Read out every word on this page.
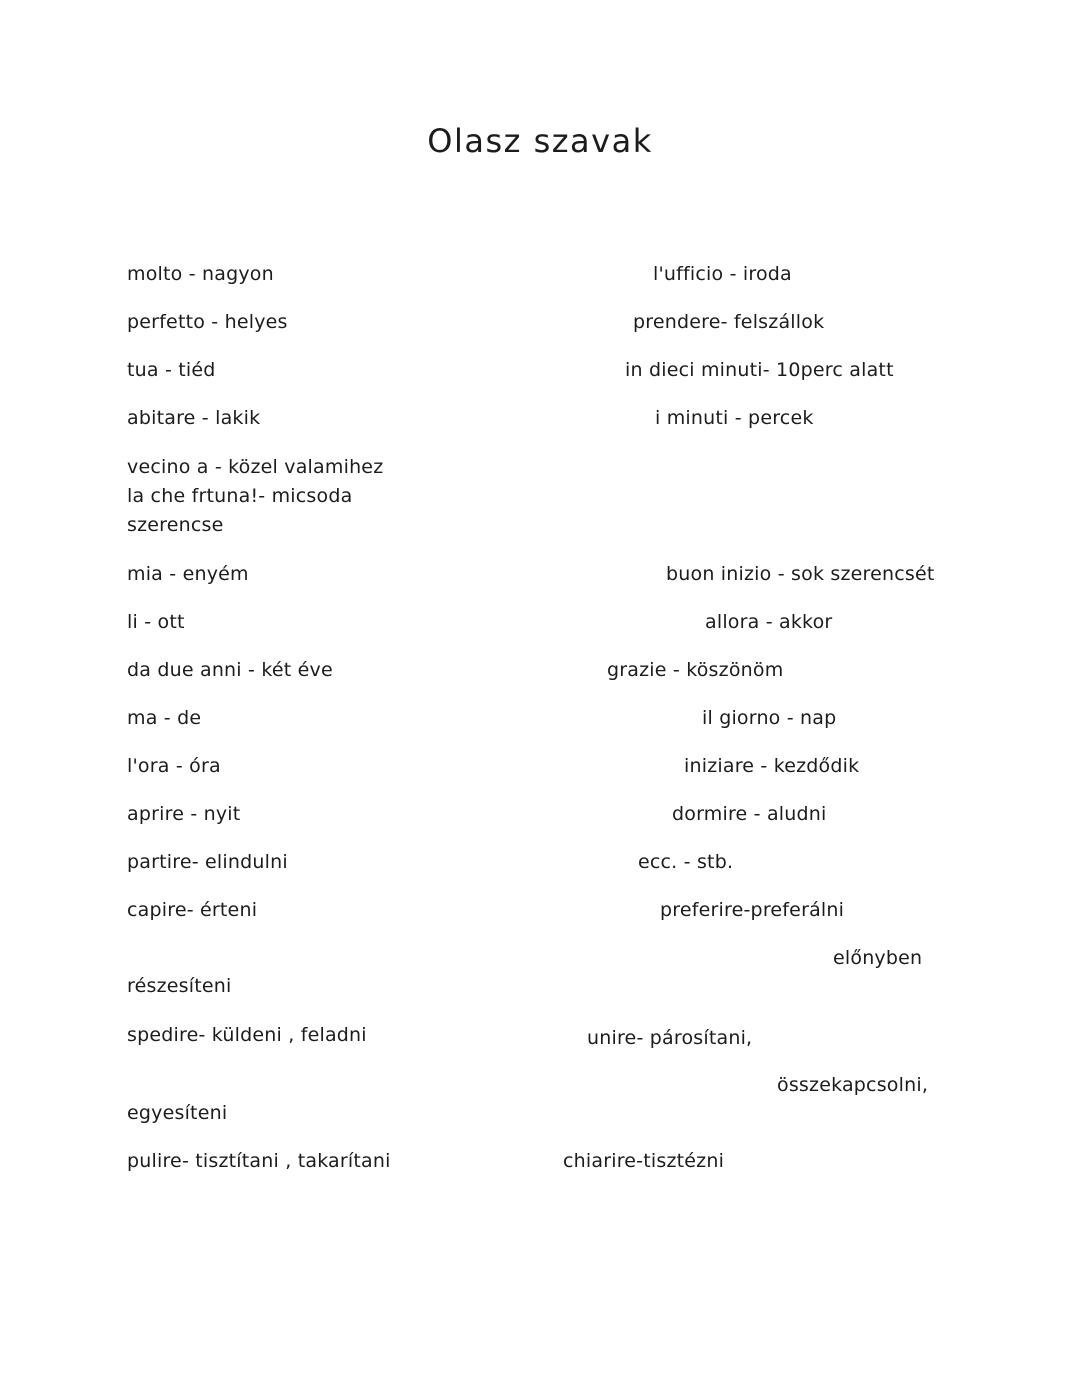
Olasz szavak
molto - nagyon	l'ufficio - iroda
perfetto - helyes	prendere- felszállok
tua - tiéd	in dieci minuti- 10perc alatt
abitare - lakik	i minuti - percek
vecino a - közel valamihez
la che frtuna!- micsoda
szerencse
mia - enyém	buon inizio - sok szerencsét
li - ott	allora - akkor
da due anni - két éve	grazie - köszönöm
ma - de	il giorno - nap
l'ora - óra	iniziare - kezdődik
aprire - nyit	dormire - aludni
partire- elindulni	ecc. - stb.
capire- érteni	preferire-preferálni
előnyben
részesíteni
spedire- küldeni , feladni	unire- párosítani,
összekapcsolni,
egyesíteni
pulire- tisztítani , takarítani	chiarire-tisztézni
